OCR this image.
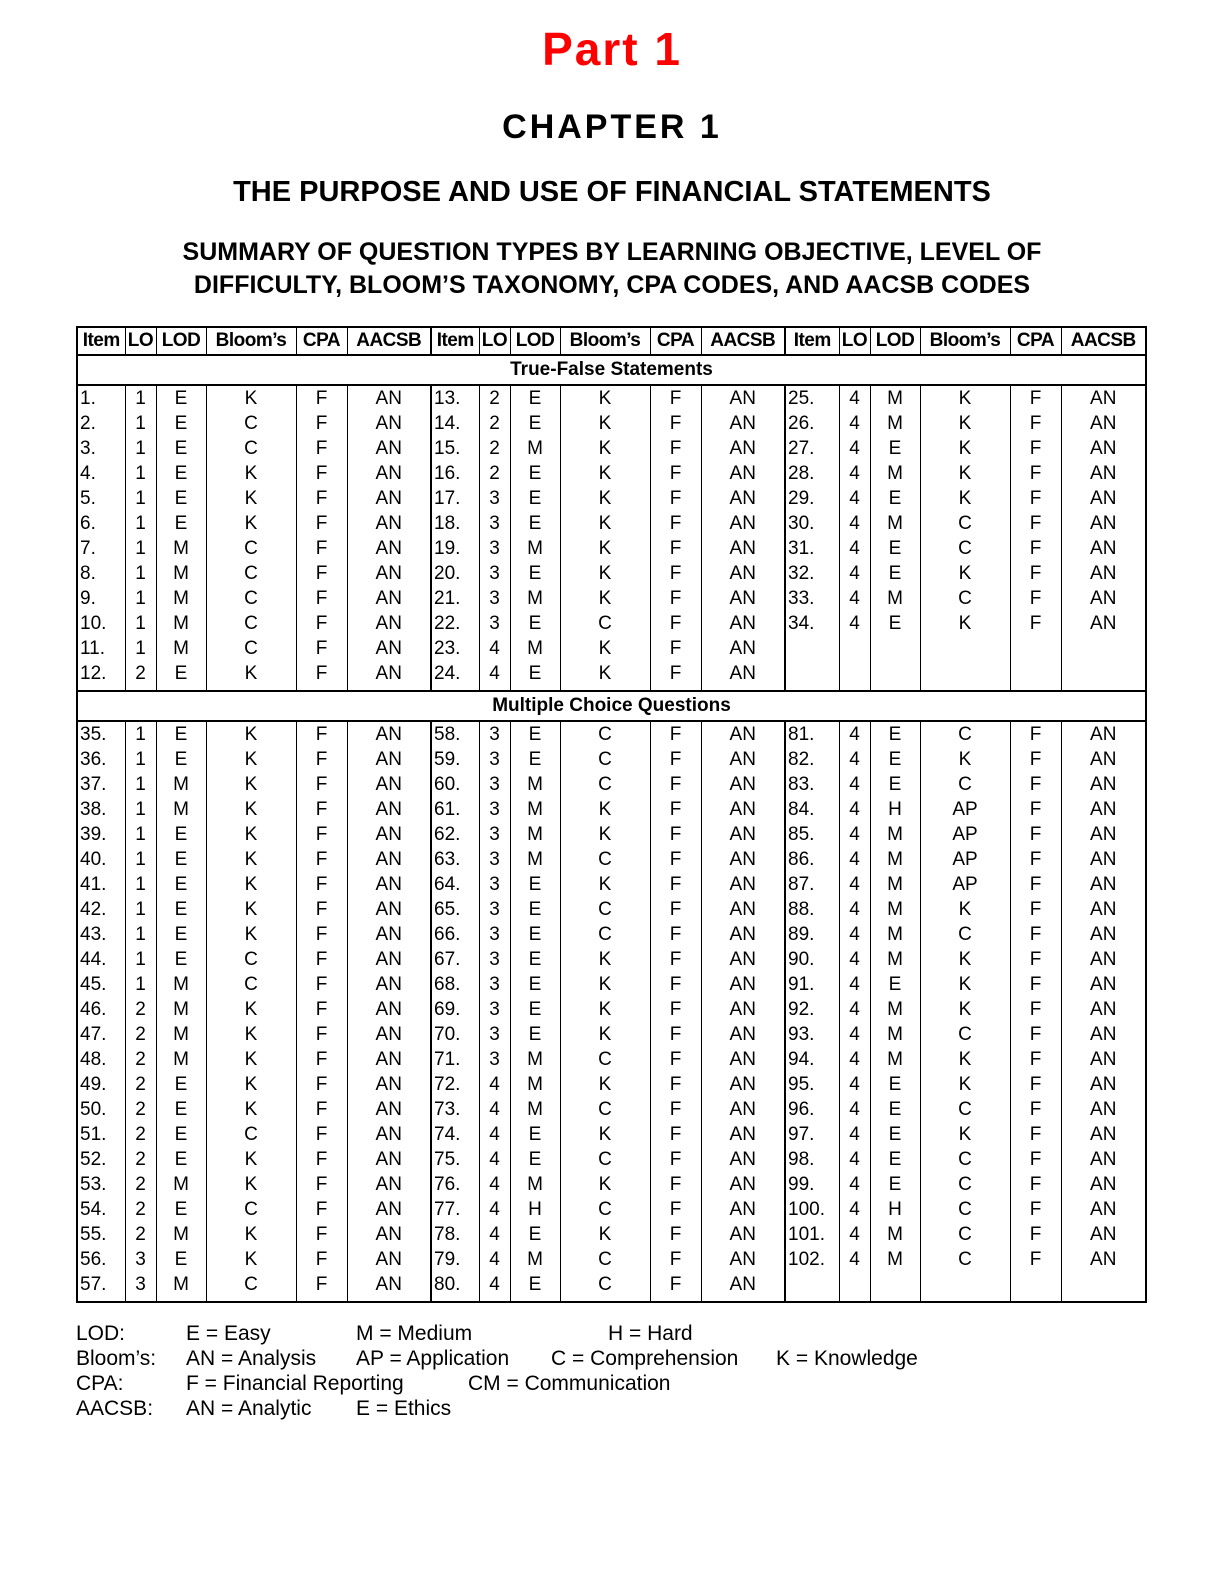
Part 1
CHAPTER 1
THE PURPOSE AND USE OF FINANCIAL STATEMENTS
SUMMARY OF QUESTION TYPES BY LEARNING OBJECTIVE, LEVEL OF
DIFFICULTY, BLOOM’S TAXONOMY, CPA CODES, AND AACSB CODES
Item	LO	LOD	Bloom’s	CPA	AACSB	Item	LO	LOD	Bloom’s	CPA	AACSB	Item	LO	LOD	Bloom’s	CPA	AACSB
True-False Statements																	
1.	1	E	K	F	AN	13.	2	E	K	F	AN	25.	4	M	K	F	AN
2.	1	E	C	F	AN	14.	2	E	K	F	AN	26.	4	M	K	F	AN
3.	1	E	C	F	AN	15.	2	M	K	F	AN	27.	4	E	K	F	AN
4.	1	E	K	F	AN	16.	2	E	K	F	AN	28.	4	M	K	F	AN
5.	1	E	K	F	AN	17.	3	E	K	F	AN	29.	4	E	K	F	AN
6.	1	E	K	F	AN	18.	3	E	K	F	AN	30.	4	M	C	F	AN
7.	1	M	C	F	AN	19.	3	M	K	F	AN	31.	4	E	C	F	AN
8.	1	M	C	F	AN	20.	3	E	K	F	AN	32.	4	E	K	F	AN
9.	1	M	C	F	AN	21.	3	M	K	F	AN	33.	4	M	C	F	AN
10.	1	M	C	F	AN	22.	3	E	C	F	AN	34.	4	E	K	F	AN
11.	1	M	C	F	AN	23.	4	M	K	F	AN						
12.	2	E	K	F	AN	24.	4	E	K	F	AN						
Multiple Choice Questions																	
35.	1	E	K	F	AN	58.	3	E	C	F	AN	81.	4	E	C	F	AN
36.	1	E	K	F	AN	59.	3	E	C	F	AN	82.	4	E	K	F	AN
37.	1	M	K	F	AN	60.	3	M	C	F	AN	83.	4	E	C	F	AN
38.	1	M	K	F	AN	61.	3	M	K	F	AN	84.	4	H	AP	F	AN
39.	1	E	K	F	AN	62.	3	M	K	F	AN	85.	4	M	AP	F	AN
40.	1	E	K	F	AN	63.	3	M	C	F	AN	86.	4	M	AP	F	AN
41.	1	E	K	F	AN	64.	3	E	K	F	AN	87.	4	M	AP	F	AN
42.	1	E	K	F	AN	65.	3	E	C	F	AN	88.	4	M	K	F	AN
43.	1	E	K	F	AN	66.	3	E	C	F	AN	89.	4	M	C	F	AN
44.	1	E	C	F	AN	67.	3	E	K	F	AN	90.	4	M	K	F	AN
45.	1	M	C	F	AN	68.	3	E	K	F	AN	91.	4	E	K	F	AN
46.	2	M	K	F	AN	69.	3	E	K	F	AN	92.	4	M	K	F	AN
47.	2	M	K	F	AN	70.	3	E	K	F	AN	93.	4	M	C	F	AN
48.	2	M	K	F	AN	71.	3	M	C	F	AN	94.	4	M	K	F	AN
49.	2	E	K	F	AN	72.	4	M	K	F	AN	95.	4	E	K	F	AN
50.	2	E	K	F	AN	73.	4	M	C	F	AN	96.	4	E	C	F	AN
51.	2	E	C	F	AN	74.	4	E	K	F	AN	97.	4	E	K	F	AN
52.	2	E	K	F	AN	75.	4	E	C	F	AN	98.	4	E	C	F	AN
53.	2	M	K	F	AN	76.	4	M	K	F	AN	99.	4	E	C	F	AN
54.	2	E	C	F	AN	77.	4	H	C	F	AN	100.	4	H	C	F	AN
55.	2	M	K	F	AN	78.	4	E	K	F	AN	101.	4	M	C	F	AN
56.	3	E	K	F	AN	79.	4	M	C	F	AN	102.	4	M	C	F	AN
57.	3	M	C	F	AN	80.	4	E	C	F	AN						
LOD:	E = Easy	M = Medium	H = Hard
Bloom’s: AN = Analysis AP = Application C = Comprehension K = Knowledge
CPA:	F = Financial Reporting	CM = Communication
AACSB: AN = Analytic E = Ethics
